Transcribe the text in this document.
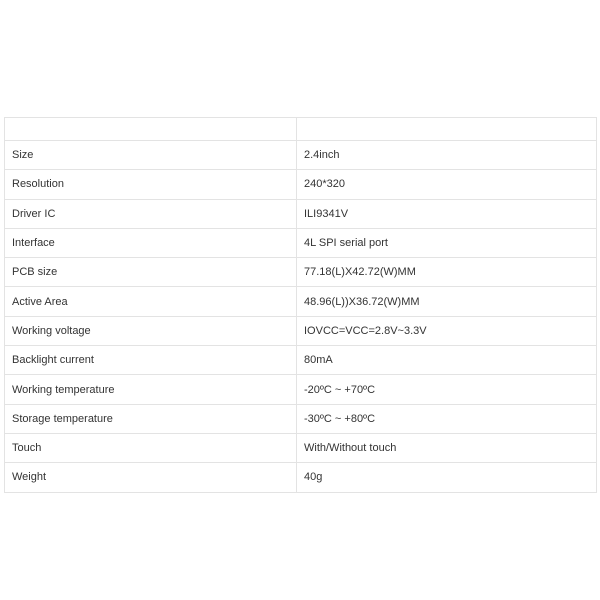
Size	2.4inch
Resolution	240*320
Driver IC	ILI9341V
Interface	4L SPI serial port
PCB size	77.18(L)X42.72(W)MM
Active Area	48.96(L))X36.72(W)MM
Working voltage	IOVCC=VCC=2.8V~3.3V
Backlight current	80mA
Working temperature	-20ºC ~ +70ºC
Storage temperature	-30ºC ~ +80ºC
Touch	With/Without touch
Weight	40g
